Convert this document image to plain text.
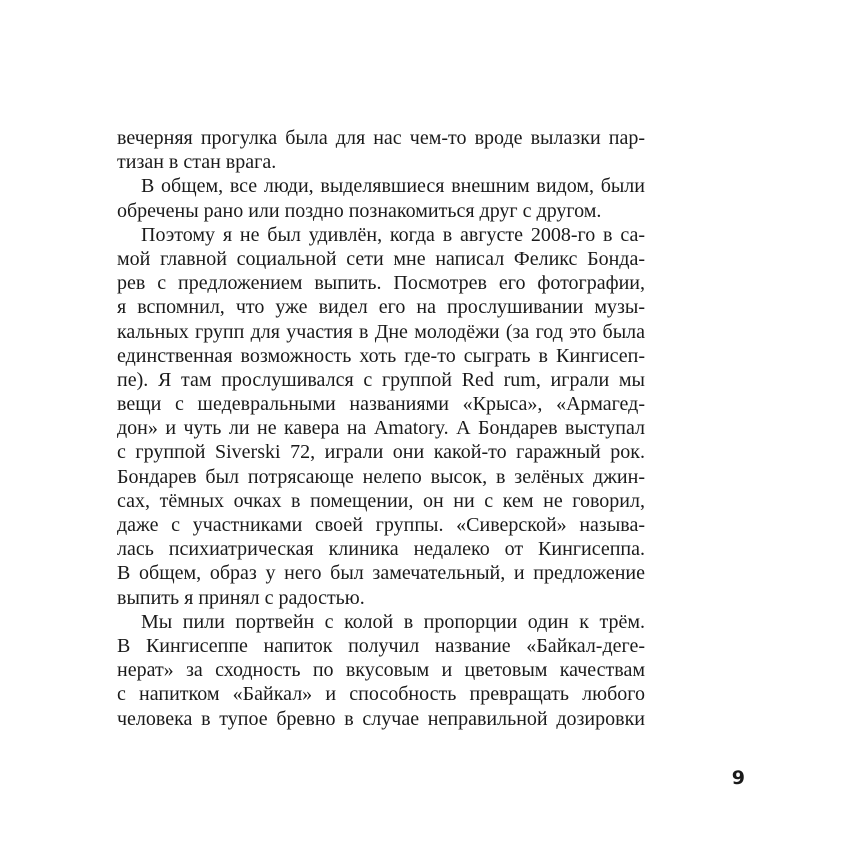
вечерняя прогулка была для нас чем-то вроде вылазки пар-
тизан в стан врага.
В общем, все люди, выделявшиеся внешним видом, были
обречены рано или поздно познакомиться друг с другом.
Поэтому я не был удивлён, когда в августе 2008-го в са-
мой главной социальной сети мне написал Феликс Бонда-
рев с предложением выпить. Посмотрев его фотографии,
я вспомнил, что уже видел его на прослушивании музы-
кальных групп для участия в Дне молодёжи (за год это была
единственная возможность хоть где-то сыграть в Кингисеп-
пе). Я там прослушивался с группой Red rum, играли мы
вещи с шедевральными названиями «Крыса», «Армагед-
дон» и чуть ли не кавера на Amatory. А Бондарев выступал
с группой Siverski 72, играли они какой-то гаражный рок.
Бондарев был потрясающе нелепо высок, в зелёных джин-
сах, тёмных очках в помещении, он ни с кем не говорил,
даже с участниками своей группы. «Сиверской» называ-
лась психиатрическая клиника недалеко от Кингисеппа.
В общем, образ у него был замечательный, и предложение
выпить я принял с радостью.
Мы пили портвейн с колой в пропорции один к трём.
В Кингисеппе напиток получил название «Байкал-деге-
нерат» за сходность по вкусовым и цветовым качествам
с напитком «Байкал» и способность превращать любого
человека в тупое бревно в случае неправильной дозировки
9
